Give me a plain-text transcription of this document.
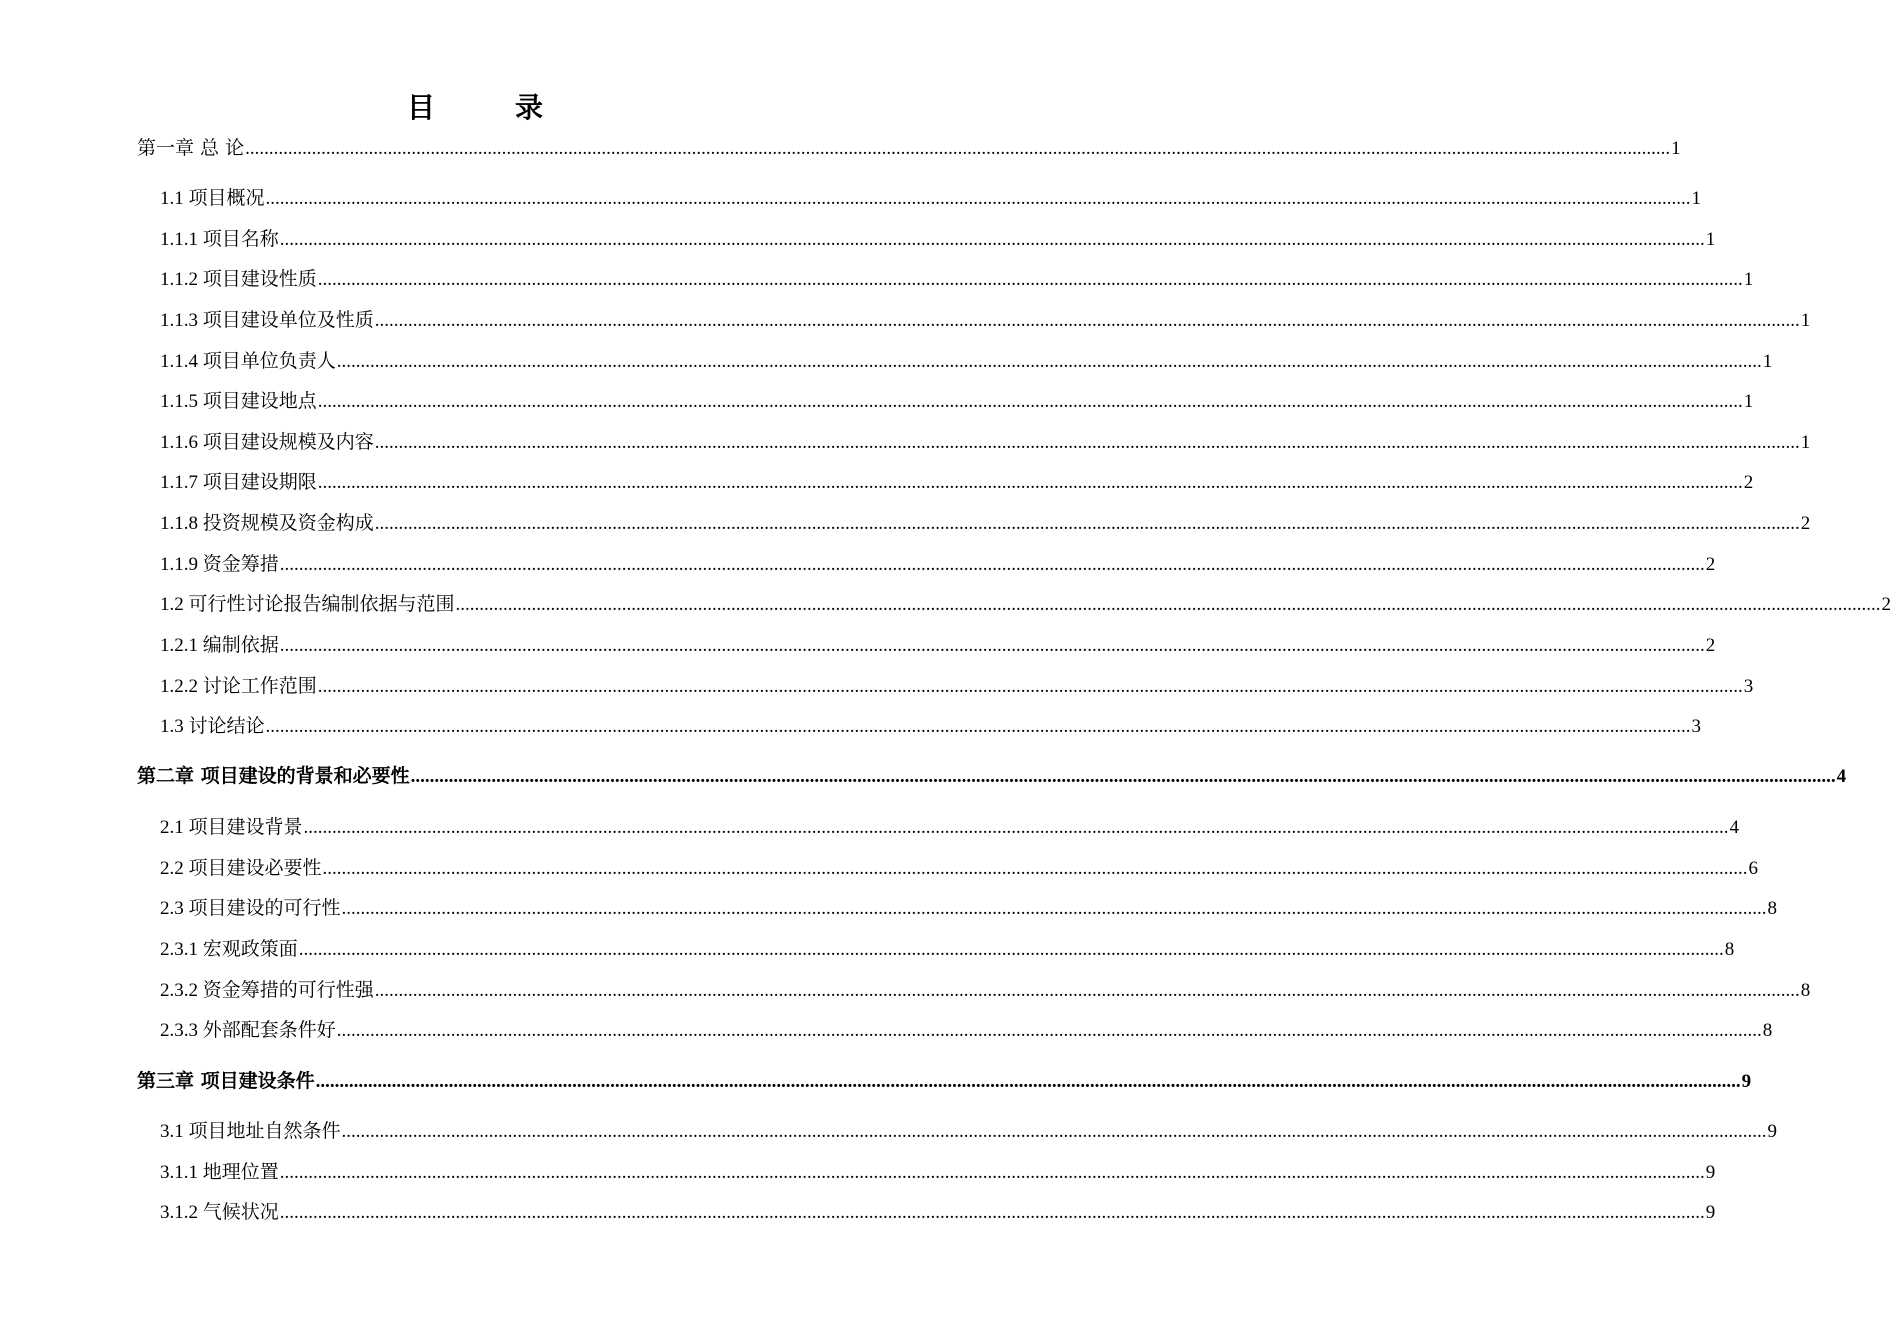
目　录
第一章 总 论 ............................................................................................................................................................................................................................................................................................................ 1
1.1 项目概况 ............................................................................................................................................................................................................................................................................................................ 1
1.1.1 项目名称 ............................................................................................................................................................................................................................................................................................................ 1
1.1.2 项目建设性质 ............................................................................................................................................................................................................................................................................................................ 1
1.1.3 项目建设单位及性质 ............................................................................................................................................................................................................................................................................................................ 1
1.1.4 项目单位负责人 ............................................................................................................................................................................................................................................................................................................ 1
1.1.5 项目建设地点 ............................................................................................................................................................................................................................................................................................................ 1
1.1.6 项目建设规模及内容 ............................................................................................................................................................................................................................................................................................................ 1
1.1.7 项目建设期限 ............................................................................................................................................................................................................................................................................................................ 2
1.1.8 投资规模及资金构成 ............................................................................................................................................................................................................................................................................................................ 2
1.1.9 资金筹措 ............................................................................................................................................................................................................................................................................................................ 2
1.2 可行性讨论报告编制依据与范围 ............................................................................................................................................................................................................................................................................................................ 2
1.2.1 编制依据 ............................................................................................................................................................................................................................................................................................................ 2
1.2.2 讨论工作范围 ............................................................................................................................................................................................................................................................................................................ 3
1.3 讨论结论 ............................................................................................................................................................................................................................................................................................................ 3
第二章 项目建设的背景和必要性 ............................................................................................................................................................................................................................................................................................................ 4
2.1 项目建设背景 ............................................................................................................................................................................................................................................................................................................ 4
2.2 项目建设必要性 ............................................................................................................................................................................................................................................................................................................ 6
2.3 项目建设的可行性 ............................................................................................................................................................................................................................................................................................................ 8
2.3.1 宏观政策面 ............................................................................................................................................................................................................................................................................................................ 8
2.3.2 资金筹措的可行性强 ............................................................................................................................................................................................................................................................................................................ 8
2.3.3 外部配套条件好 ............................................................................................................................................................................................................................................................................................................ 8
第三章 项目建设条件 ............................................................................................................................................................................................................................................................................................................ 9
3.1 项目地址自然条件 ............................................................................................................................................................................................................................................................................................................ 9
3.1.1 地理位置 ............................................................................................................................................................................................................................................................................................................ 9
3.1.2 气候状况 ............................................................................................................................................................................................................................................................................................................ 9
